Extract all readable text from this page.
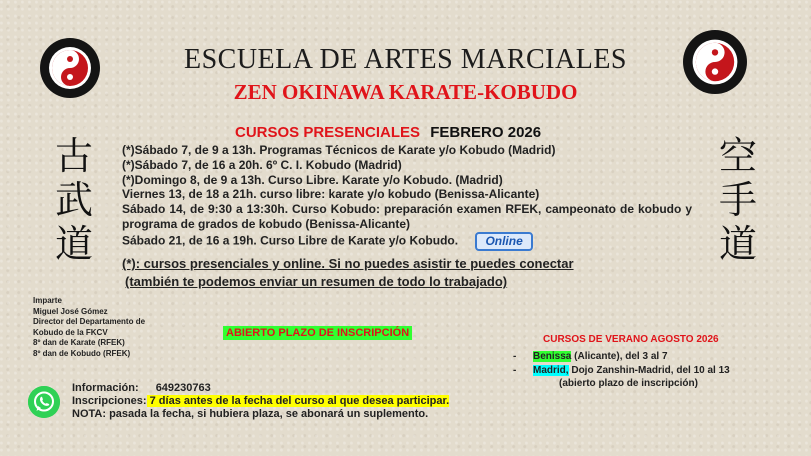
ESCUELA DE ARTES MARCIALES
ZEN OKINAWA KARATE-KOBUDO
古
武
道
空
手
道
CURSOS PRESENCIALES FEBRERO 2026
(*)Sábado 7, de 9 a 13h. Programas Técnicos de Karate y/o Kobudo (Madrid)
(*)Sábado 7, de 16 a 20h. 6º C. I. Kobudo (Madrid)
(*)Domingo 8, de 9 a 13h. Curso Libre. Karate y/o Kobudo. (Madrid)
Viernes 13, de 18 a 21h. curso libre: karate y/o kobudo (Benissa-Alicante)
Sábado 14, de 9:30 a 13:30h. Curso Kobudo: preparación examen RFEK, campeonato de kobudo y programa de grados de kobudo (Benissa-Alicante)
Sábado 21, de 16 a 19h. Curso Libre de Karate y/o Kobudo. Online
(*): cursos presenciales y online. Si no puedes asistir te puedes conectar
(también te podemos enviar un resumen de todo lo trabajado)
Imparte
Miguel José Gómez
Director del Departamento de
Kobudo de la FKCV
8º dan de Karate (RFEK)
8º dan de Kobudo (RFEK)
ABIERTO PLAZO DE INSCRIPCIÓN
CURSOS DE VERANO AGOSTO 2026
- Benissa (Alicante), del 3 al 7
- Madrid, Dojo Zanshin-Madrid, del 10 al 13
(abierto plazo de inscripción)
Información: 649230763
Inscripciones: 7 días antes de la fecha del curso al que desea participar.
NOTA: pasada la fecha, si hubiera plaza, se abonará un suplemento.
